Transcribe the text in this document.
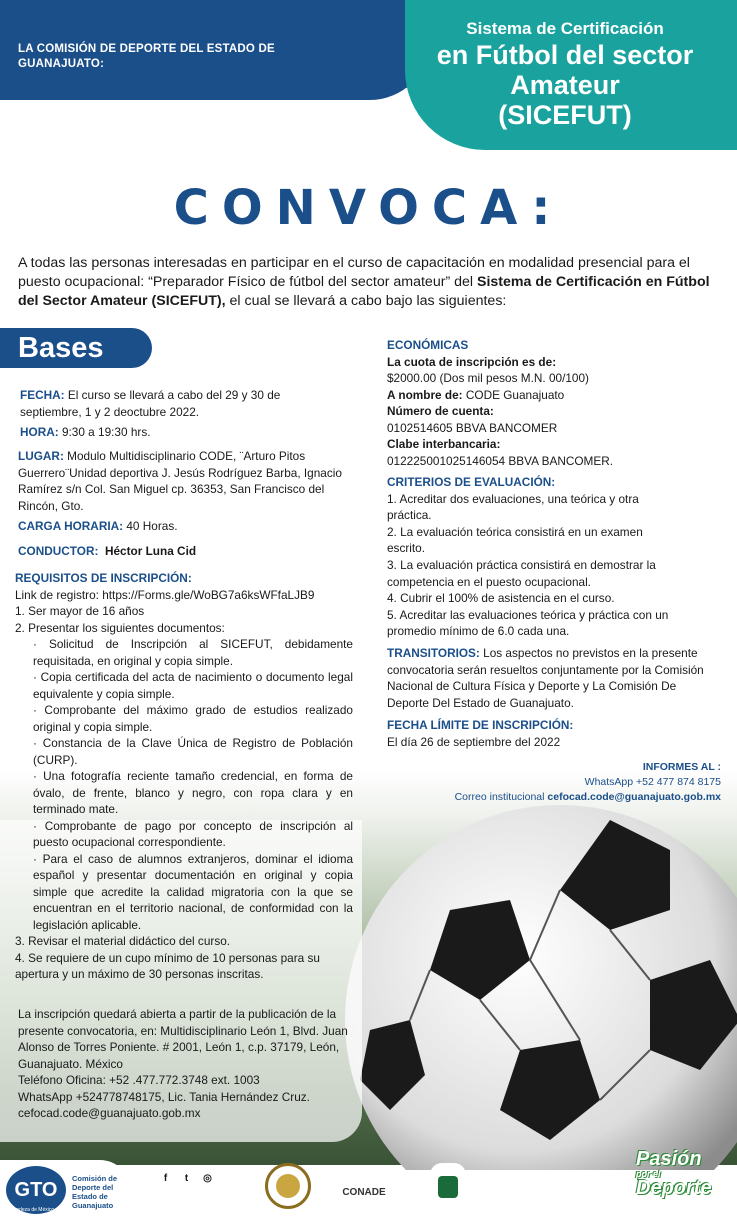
LA COMISIÓN DE DEPORTE DEL ESTADO DE GUANAJUATO:
Sistema de Certificación
en Fútbol del sector
Amateur
(SICEFUT)
CONVOCA:

A todas las personas interesadas en participar en el curso de capacitación en modalidad presencial para el puesto ocupacional: “Preparador Físico de fútbol del sector amateur” del Sistema de Certificación en Fútbol del Sector Amateur (SICEFUT), el cual se llevará a cabo bajo las siguientes:

Bases
FECHA: El curso se llevará a cabo del 29 y 30 de septiembre, 1 y 2 deoctubre 2022.
HORA: 9:30 a 19:30 hrs.
LUGAR: Modulo Multidisciplinario CODE, ¨Arturo Pitos Guerrero¨Unidad deportiva J. Jesús Rodríguez Barba, Ignacio Ramírez s/n Col. San Miguel cp. 36353, San Francisco del Rincón, Gto.
CARGA HORARIA: 40 Horas.
CONDUCTOR: Héctor Luna Cid
REQUISITOS DE INSCRIPCIÓN:
Link de registro: https://Forms.gle/WoBG7a6ksWFfaLJB9
1. Ser mayor de 16 años
2. Presentar los siguientes documentos:
· Solicitud de Inscripción al SICEFUT, debidamente requisitada, en original y copia simple.
· Copia certificada del acta de nacimiento o documento legal equivalente y copia simple.
· Comprobante del máximo grado de estudios realizado original y copia simple.
· Constancia de la Clave Única de Registro de Población (CURP).
· Una fotografía reciente tamaño credencial, en forma de óvalo, de frente, blanco y negro, con ropa clara y en terminado mate.
· Comprobante de pago por concepto de inscripción al puesto ocupacional correspondiente.
· Para el caso de alumnos extranjeros, dominar el idioma español y presentar documentación en original y copia simple que acredite la calidad migratoria con la que se encuentran en el territorio nacional, de conformidad con la legislación aplicable.
3. Revisar el material didáctico del curso.
4. Se requiere de un cupo mínimo de 10 personas para su apertura y un máximo de 30 personas inscritas.
La inscripción quedará abierta a partir de la publicación de la presente convocatoria, en: Multidisciplinario León 1, Blvd. Juan Alonso de Torres Poniente. # 2001, León 1, c.p. 37179, León, Guanajuato. México
Teléfono Oficina: +52 .477.772.3748 ext. 1003
WhatsApp +524778748175, Lic. Tania Hernández Cruz.
cefocad.code@guanajuato.gob.mx
ECONÓMICAS
La cuota de inscripción es de:
$2000.00 (Dos mil pesos M.N. 00/100)
A nombre de: CODE Guanajuato
Número de cuenta:
0102514605 BBVA BANCOMER
Clabe interbancaria:
012225001025146054 BBVA BANCOMER.
CRITERIOS DE EVALUACIÓN:
1. Acreditar dos evaluaciones, una teórica y otra práctica.
2. La evaluación teórica consistirá en un examen escrito.
3. La evaluación práctica consistirá en demostrar la competencia en el puesto ocupacional.
4. Cubrir el 100% de asistencia en el curso.
5. Acreditar las evaluaciones teórica y práctica con un promedio mínimo de 6.0 cada una.
TRANSITORIOS: Los aspectos no previstos en la presente convocatoria serán resueltos conjuntamente por la Comisión Nacional de Cultura Física y Deporte y La Comisión De Deporte Del Estado de Guanajuato.
FECHA LÍMITE DE INSCRIPCIÓN:
El día 26 de septiembre del 2022
INFORMES AL :
WhatsApp +52 477 874 8175
Correo institucional cefocad.code@guanajuato.gob.mx
GTO
Grandeza de México
Comisión de Deporte del Estado de Guanajuato
f	t	◎
codegto.gob.mx
CONADE	UFD
Universidad del Fútbol y Ciencias del Deporte
Pasión
por el
Deporte
